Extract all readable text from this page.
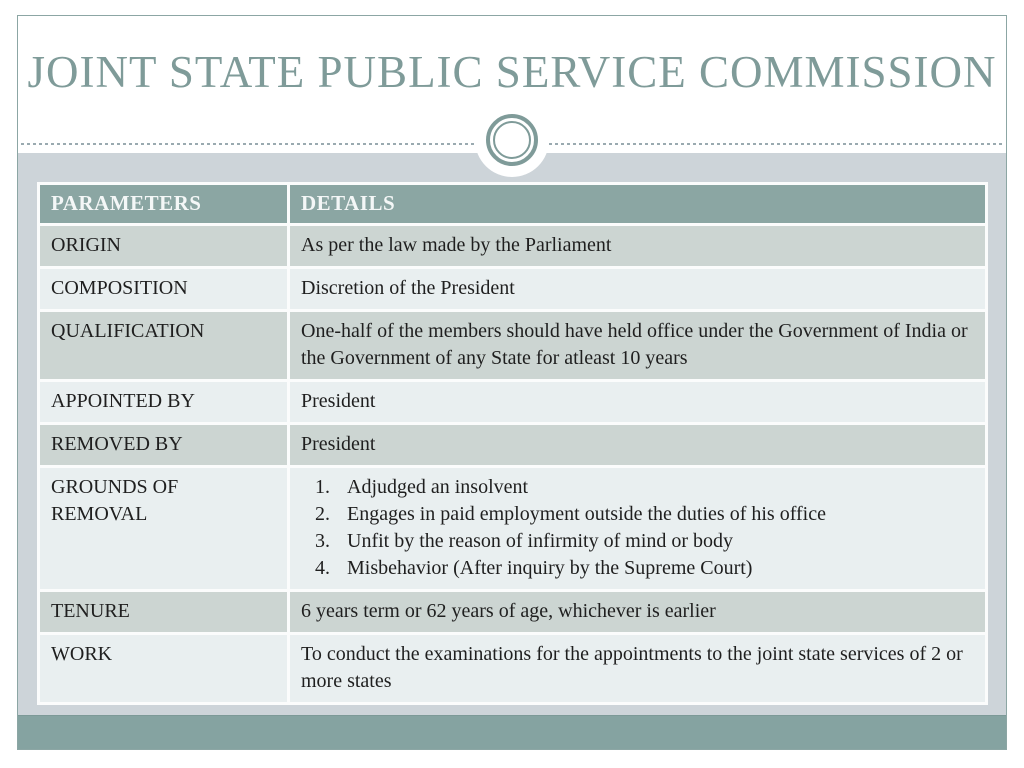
JOINT STATE PUBLIC SERVICE COMMISSION
PARAMETERS	DETAILS
ORIGIN	As per the law made by the Parliament
COMPOSITION	Discretion of the President
QUALIFICATION	One-half of the members should have held office under the Government of India or the Government of any State for atleast 10 years
APPOINTED BY	President
REMOVED BY	President
GROUNDS OF REMOVAL	
1. Adjudged an insolvent
2. Engages in paid employment outside the duties of his office
3. Unfit by the reason of infirmity of mind or body
4. Misbehavior (After inquiry by the Supreme Court)

TENURE	6 years term or 62 years of age, whichever is earlier
WORK	To conduct the examinations for the appointments to the joint state services of 2 or more states
